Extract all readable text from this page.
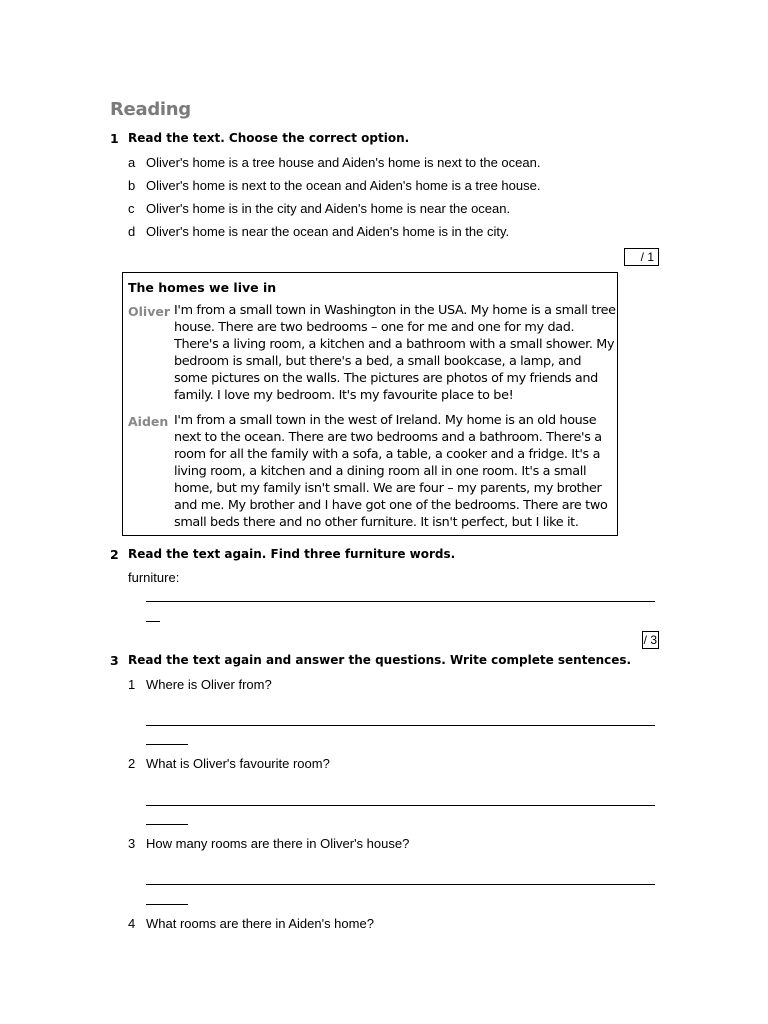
Reading
1 Read the text. Choose the correct option.
a Oliver's home is a tree house and Aiden's home is next to the ocean.
b Oliver's home is next to the ocean and Aiden's home is a tree house.
c Oliver's home is in the city and Aiden's home is near the ocean.
d Oliver's home is near the ocean and Aiden's home is in the city.
/ 1
The homes we live in
Oliver I'm from a small town in Washington in the USA. My home is a small tree house. There are two bedrooms – one for me and one for my dad. There's a living room, a kitchen and a bathroom with a small shower. My bedroom is small, but there's a bed, a small bookcase, a lamp, and some pictures on the walls. The pictures are photos of my friends and family. I love my bedroom. It's my favourite place to be!
Aiden I'm from a small town in the west of Ireland. My home is an old house next to the ocean. There are two bedrooms and a bathroom. There's a room for all the family with a sofa, a table, a cooker and a fridge. It's a living room, a kitchen and a dining room all in one room. It's a small home, but my family isn't small. We are four – my parents, my brother and me. My brother and I have got one of the bedrooms. There are two small beds there and no other furniture. It isn't perfect, but I like it.
2 Read the text again. Find three furniture words.
furniture:
/ 3
3 Read the text again and answer the questions. Write complete sentences.
1 Where is Oliver from?
2 What is Oliver's favourite room?
3 How many rooms are there in Oliver's house?
4 What rooms are there in Aiden's home?
